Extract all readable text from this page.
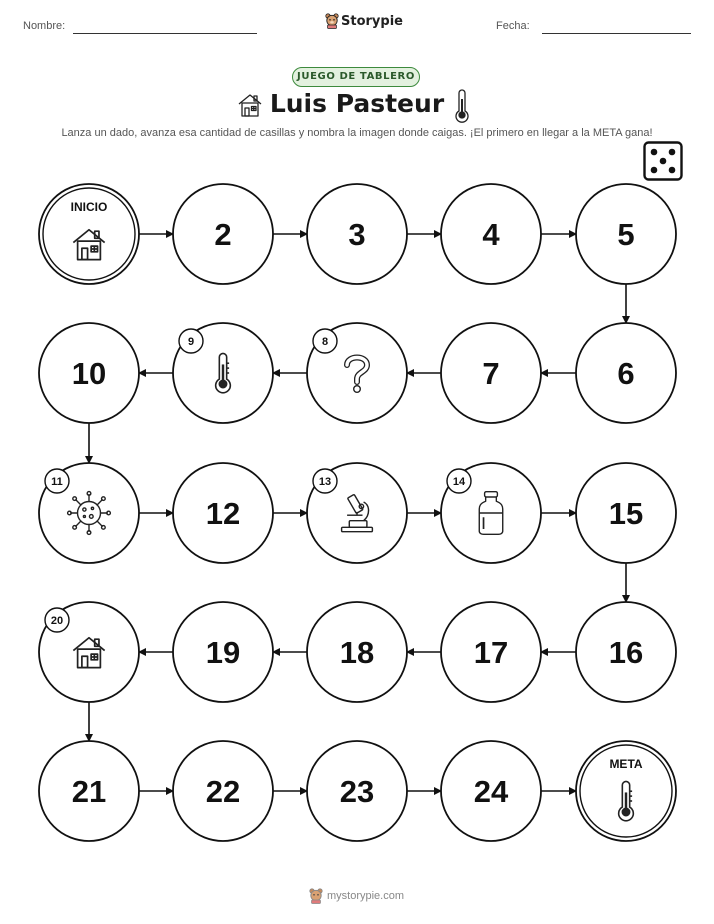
Nombre:	Storypie	Fecha:
JUEGO DE TABLERO
Luis Pasteur
Lanza un dado, avanza esa cantidad de casillas y nombra la imagen donde caigas. ¡El primero en llegar a la META gana!
INICIO
2	3	4	5
6
7
8
9
10
11
12
13	14
15
16
17
18
19
20
21	22	23	24
META
mystorypie.com
